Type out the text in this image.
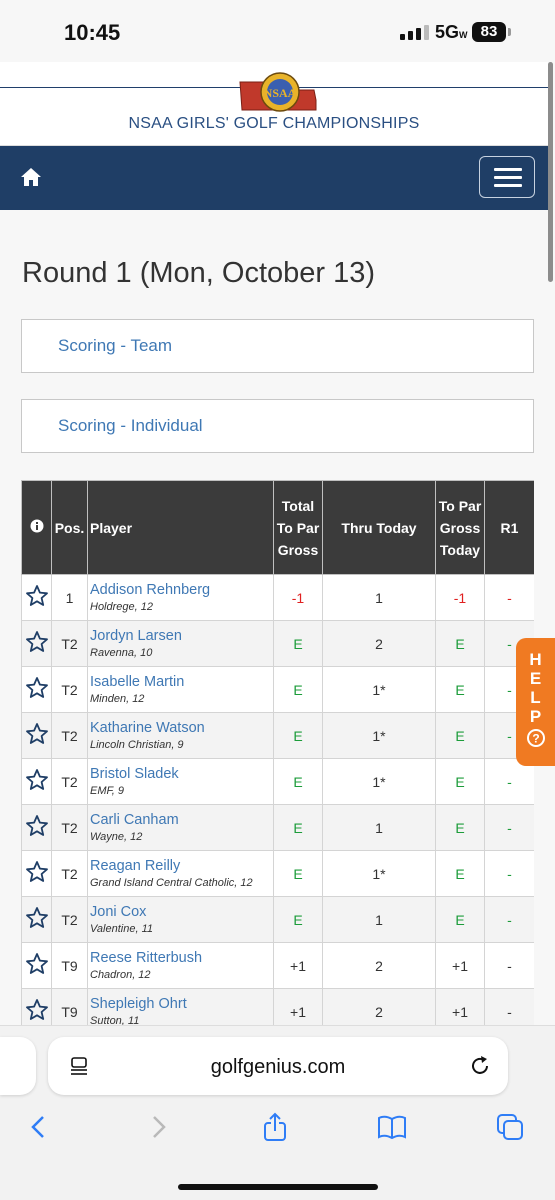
10:45	5GW 83
NSAA
NSAA GIRLS' GOLF CHAMPIONSHIPS
Round 1 (Mon, October 13)
Scoring - Team
Scoring - Individual
	Pos.	Player	Total To Par Gross	Thru Today	To Par Gross Today	R1
	1	Addison Rehnberg
Holdrege, 12	-1	1	-1	-
	T2	Jordyn Larsen
Ravenna, 10	E	2	E	-
	T2	Isabelle Martin
Minden, 12	E	1*	E	-
	T2	Katharine Watson
Lincoln Christian, 9	E	1*	E	-
	T2	Bristol Sladek
EMF, 9	E	1*	E	-
	T2	Carli Canham
Wayne, 12	E	1	E	-
	T2	Reagan Reilly
Grand Island Central Catholic, 12	E	1*	E	-
	T2	Joni Cox
Valentine, 11	E	1	E	-
	T9	Reese Ritterbush
Chadron, 12	+1	2	+1	-
	T9	Shepleigh Ohrt
Sutton, 11	+1	2	+1	-
H
E
L
P
?
golfgenius.com
